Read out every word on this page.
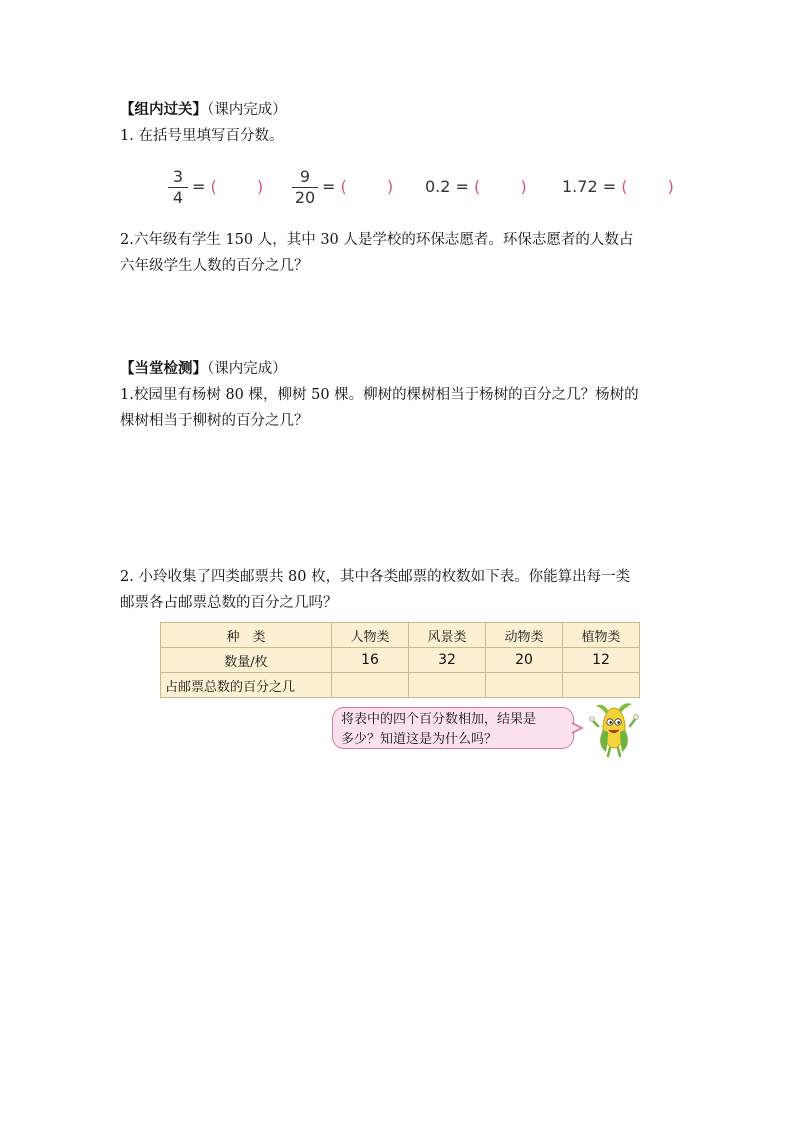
【组内过关】（课内完成）
1. 在括号里填写百分数。
3
4
= (	)
9
20
= (	) 0.2 = (	) 1.72 = (	)
2.六年级有学生 150 人，其中 30 人是学校的环保志愿者。环保志愿者的人数占
六年级学生人数的百分之几？
【当堂检测】（课内完成）
1.校园里有杨树 80 棵，柳树 50 棵。柳树的棵树相当于杨树的百分之几？杨树的
棵树相当于柳树的百分之几？
2. 小玲收集了四类邮票共 80 枚，其中各类邮票的枚数如下表。你能算出每一类
邮票各占邮票总数的百分之几吗？
种　类	人物类	风景类	动物类	植物类
数量/枚	16	32	20	12
占邮票总数的百分之几				
将表中的四个百分数相加，结果是
多少？知道这是为什么吗？
